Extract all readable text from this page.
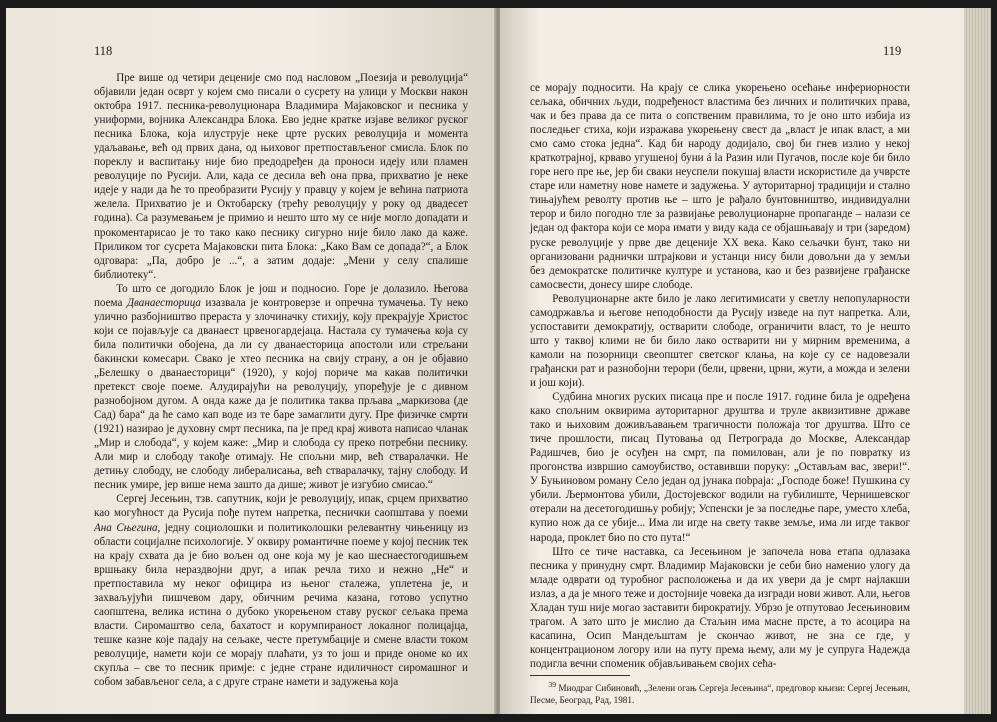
118

Пре више од четири деценије смо под насловом „Поезија и револуција“ објавили један осврт у којем смо писали о сусрету на улици у Москви након октобра 1917. песника-револуционара Владимира Мајаковског и песника у униформи, војника Александра Блока. Ево једне кратке изјаве великог руског песника Блока, која илуструје неке црте руских револуција и момента удаљавање, већ од првих дана, од њиховог претпостављеног смисла. Блок по пореклу и васпитању није био предодређен да проноси идеју или пламен револуције по Русији. Али, када се десила већ она прва, прихватио је неке идеје у нади да ће то преобразити Русију у правцу у којем је већина патриота желела. Прихватио је и Октобарску (трећу револуцију у року од двадесет година). Са разумевањем је примио и нешто што му се није могло допадати и прокоментарисао је то тако како песнику сигурно није било лако да каже. Приликом тог сусрета Мајаковски пита Блока: „Како Вам се допада?“, а Блок одговара: „Па, добро је ...“, а затим додаје: „Мени у селу спалише библиотеку“.

То што се догодило Блок је још и подносио. Горе је долазило. Његова поема Дванаесторица изазвала је контроверзе и опречна тумачења. Ту неко улично разбојништво прераста у злочиначку стихију, коју прекрајује Христос који се појављује са дванаест црвеногардејаца. Настала су тумачења која су била политички обојена, да ли су дванаесторица апостоли или стрељани бакински комесари. Свако је хтео песника на свију страну, а он је објавио „Белешку о дванаесторици“ (1920), у којој пориче ма какав политички претекст своје поеме. Алудирајући на револуцију, упоређује је с дивном разнобојном дугом. А онда каже да је политика таква прљава „маркизова (де Сад) бара“ да ће само кап воде из те баре замаглити дугу. Пре физичке смрти (1921) назирао је духовну смрт песника, па је пред крај живота написао чланак „Мир и слобода“, у којем каже: „Мир и слобода су преко потребни песнику. Али мир и слободу такође отимају. Не спољни мир, већ стваралачки. Не детињу слободу, не слободу либералисања, већ стваралачку, тајну слободу. И песник умире, јер више нема заштo да дише; живот је изгубио смисао.“

Сергеј Јесењин, тзв. сапутник, који је револуцију, ипак, срцем прихватио као могућност да Русија пође путем напретка, песнички саопштава у поеми Ана Сњегина, једну социолошки и политиколошки релевантну чињеницу из области социјалне психологије. У оквиру романтичне поеме у којој песник тек на крају схвата да је био вољен од оне која му је као шеснаестогодишњем вршњаку била нераздвојни друг, а ипак речла тихо и нежно „Не“ и претпоставила му неког официра из њеног сталежа, уплетена је, и захваљујући пишчевом дару, обичним речима казана, готово успутно саопштена, велика истина о дубоко укорењеном ставу руског сељака према власти. Сиромаштво села, бахатост и корумпираност локалног полицајца, тешке казне које падају на сељаке, честе претумбације и смене власти током револуције, намети који се морају плаћати, уз то још и приде ономе ко их скупља – све то песник примје: с једне стране идиличност сиромашног и собом забављеног села, а с друге стране намети и задужења која

119

се морају подносити. На крају се слика укорењено осећање инфериорности сељака, обичних људи, подређеност властима без личних и политичких права, чак и без права да се пита о сопственим правилима, то је оно што избија из последњег стиха, који изражава укорењену свест да „власт је ипак власт, а ми смо само стока једна“. Кад би народу додијало, свој би гнев излио у некој краткотрајној, крваво угушеној буни á la Разин или Пугачов, после које би било горе него пре ње, јер би сваки неуспели покушај власти искористиле да учврсте старе или наметну нове намете и задужења. У ауторитарној традицији и стално тињајућем револту против ње – што је рађало бунтовништво, индивидуални терор и било погодно тле за развијање револуционарне пропаганде – налази се један од фактора који се мора имати у виду када се објашњавају и три (заредом) руске револуције у прве две деценије ХХ века. Како сељачки бунт, тако ни организовани раднички штрајкови и устанци нису били довољни да у земљи без демократске политичке културе и установа, као и без развијене грађанске самосвести, донесу шире слободе.

Револуционарне акте било је лако легитимисати у светлу непопуларности самодржавља и његове неподобности да Русију изведе на пут напретка. Али, успоставити демократију, остварити слободе, ограничити власт, то је нешто што у таквој клими не би било лако остварити ни у мирним временима, а камоли на позорници свеопштег светског клања, на које су се надовезали грађански рат и разнобојни терори (бели, црвени, црни, жути, а можда и зелени и још који).

Судбина многих руских писаца пре и после 1917. године била је одређена како спољним оквирима ауторитарног друштва и труле аквизитивне државе тако и њиховим доживљавањем трагичности положаја тог друштва. Што се тиче прошлости, писац Путовања од Петрограда до Москве, Александар Радишчев, био је осуђен на смрт, па помилован, али је по повратку из прогонства извршио самоубиство, оставивши поруку: „Остављам вас, звери!“. У Буњиновом роману Село један од јунака пobраја: „Господе боже! Пушкина су убили. Љермонтова убили, Достојевског водили на губилиште, Чернишевског отерали на десетогодишњу робију; Успенски је за последње паре, уместо хлеба, купио нож да се убије... Има ли игде на свету такве земље, има ли игде таквог народа, проклет био по сто пута!“

Што се тиче наставка, са Јесењином је започела нова етапа одлазака песника у принудну смрт. Владимир Мајаковски је себи био наменио улогу да младе одврати од туробног расположења и да их увери да је смрт најлакши излаз, а да је много теже и достојније човека да изгради нови живот. Али, његов Хладан туш није могао заставити бирократију. Убрзо је отпутовао Јесењиновим трагом. А зато што је мислио да Стаљин има масне прсте, а то асоцира на касапина, Осип Мандељштам је скончао живот, не зна се где, у концентрационом логору или на путу према њему, али му је супруга Надежда подигла вечни споменик објављивањем својих сећа-

$^{39}$ Миодраг Сибиновић, „Зелени огањ Сергеја Јесењина“, предговор књизи: Сергеј Јесењин, Песме, Београд, Рад, 1981.
